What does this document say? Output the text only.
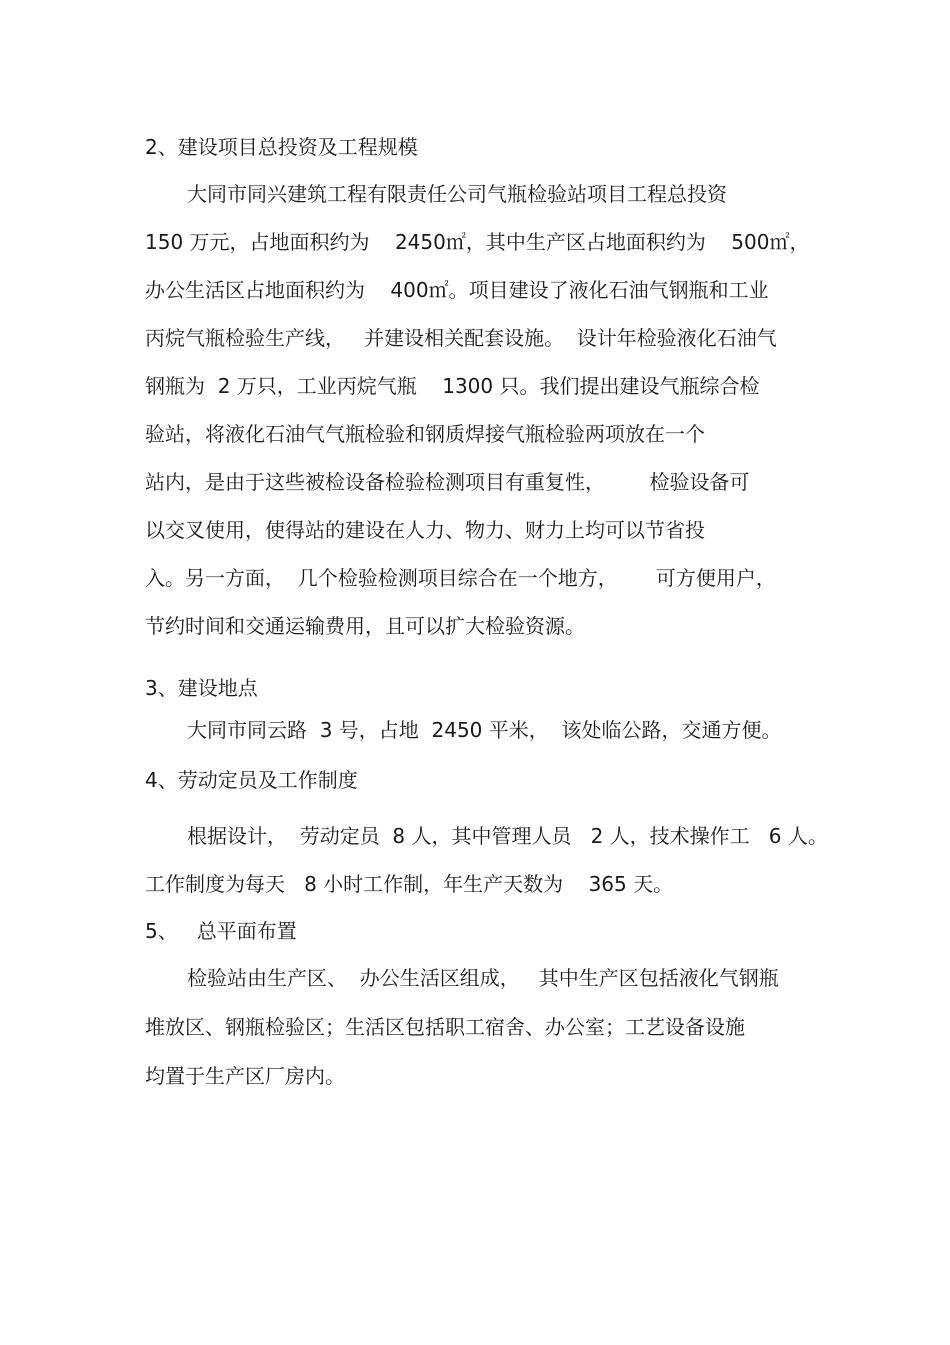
2、建设项目总投资及工程规模

大同市同兴建筑工程有限责任公司气瓶检验站项目工程总投资

150 万元，占地面积约为    2450㎡，其中生产区占地面积约为    500㎡，

办公生活区占地面积约为    400㎡。项目建设了液化石油气钢瓶和工业

丙烷气瓶检验生产线，   并建设相关配套设施。  设计年检验液化石油气

钢瓶为  2 万只，工业丙烷气瓶    1300 只。我们提出建设气瓶综合检

验站，将液化石油气气瓶检验和钢质焊接气瓶检验两项放在一个

站内，是由于这些被检设备检验检测项目有重复性，       检验设备可

以交叉使用，使得站的建设在人力、物力、财力上均可以节省投

入。另一方面，  几个检验检测项目综合在一个地方，      可方便用户，

节约时间和交通运输费用，且可以扩大检验资源。

3、建设地点

大同市同云路  3 号，占地  2450 平米，  该处临公路，交通方便。

4、劳动定员及工作制度

根据设计，  劳动定员  8 人，其中管理人员   2 人，技术操作工   6 人。

工作制度为每天   8 小时工作制，年生产天数为    365 天。

5、   总平面布置

检验站由生产区、  办公生活区组成，   其中生产区包括液化气钢瓶

堆放区、钢瓶检验区；生活区包括职工宿舍、办公室；工艺设备设施

均置于生产区厂房内。
